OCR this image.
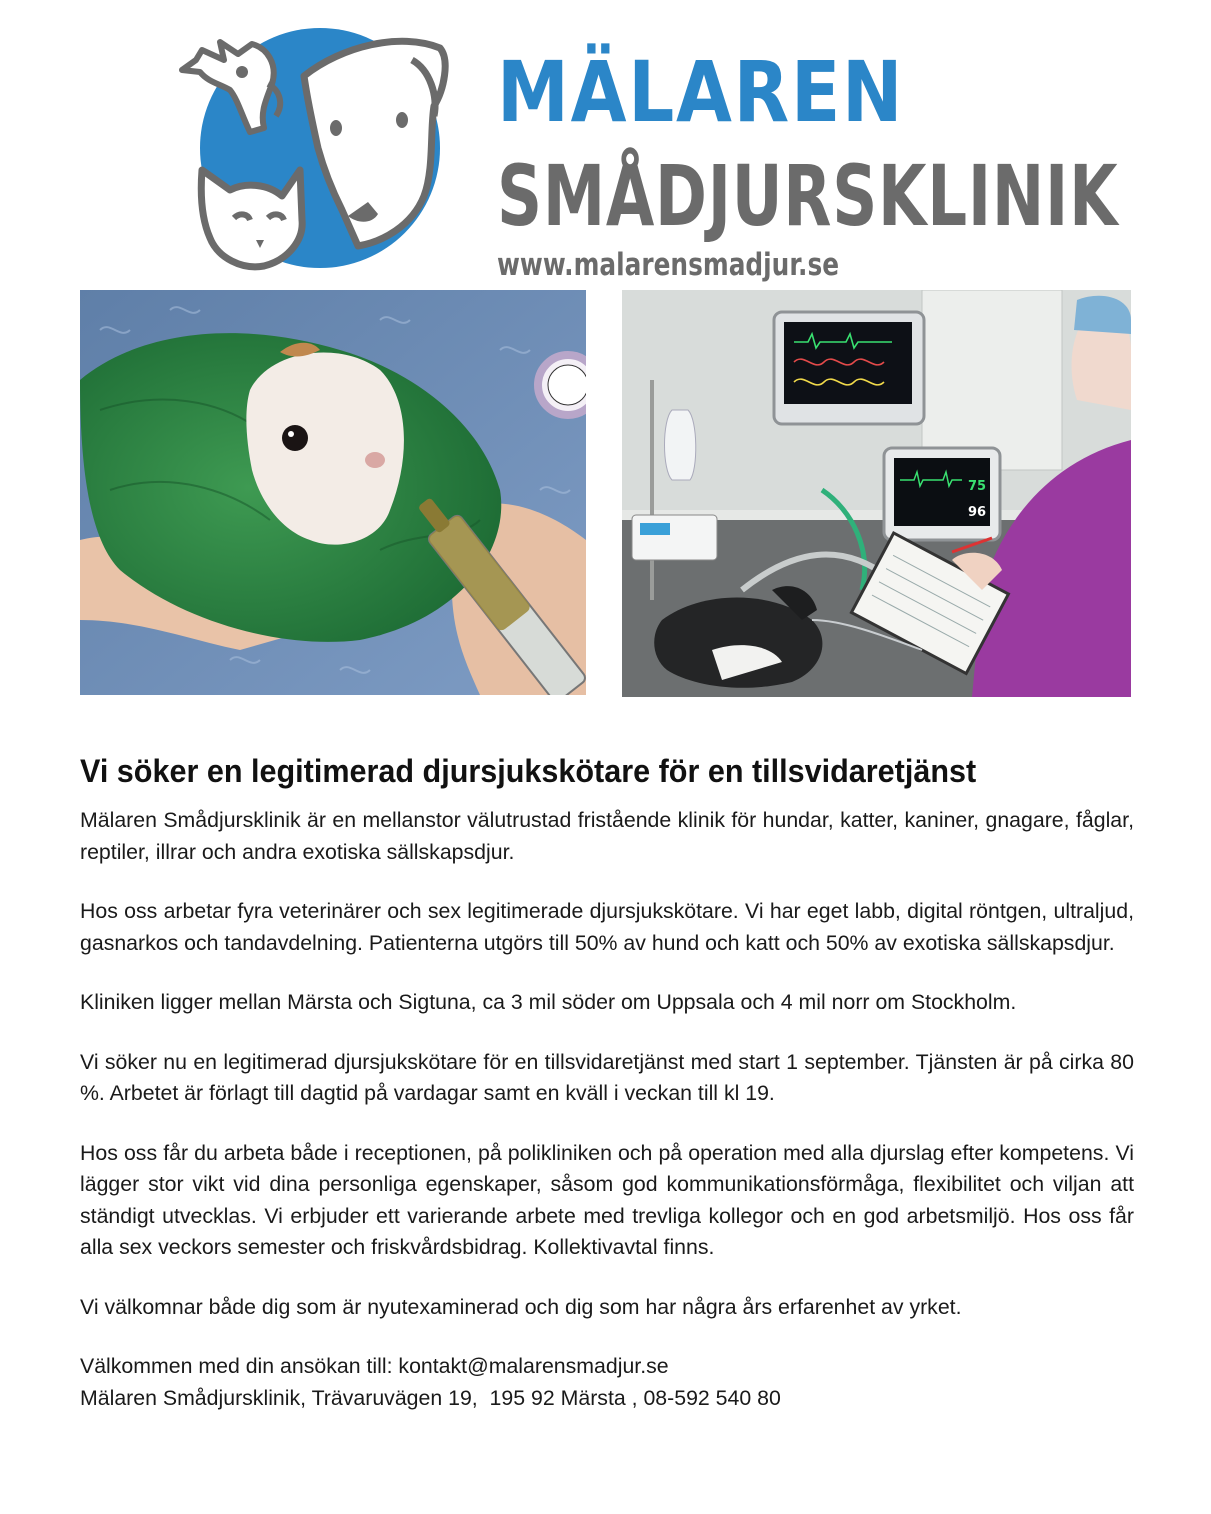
MÄLAREN
SMÅDJURSKLINIK
www.malarensmadjur.se
75
96
Vi söker en legitimerad djursjukskötare för en tillsvidaretjänst

Mälaren Smådjursklinik är en mellanstor välutrustad fristående klinik för hundar, katter, kaniner, gnagare, fåglar, reptiler, illrar och andra exotiska sällskapsdjur.

Hos oss arbetar fyra veterinärer och sex legitimerade djursjukskötare. Vi har eget labb, digital röntgen, ultraljud, gasnarkos och tandavdelning. Patienterna utgörs till 50% av hund och katt och 50% av exotiska sällskapsdjur.

Kliniken ligger mellan Märsta och Sigtuna, ca 3 mil söder om Uppsala och 4 mil norr om Stockholm.

Vi söker nu en legitimerad djursjukskötare för en tillsvidaretjänst med start 1 september. Tjänsten är på cirka 80 %. Arbetet är förlagt till dagtid på vardagar samt en kväll i veckan till kl 19.

Hos oss får du arbeta både i receptionen, på polikliniken och på operation med alla djurslag efter kompetens. Vi lägger stor vikt vid dina personliga egenskaper, såsom god kommunikationsförmåga, flexibilitet och viljan att ständigt utvecklas. Vi erbjuder ett varierande arbete med trevliga kollegor och en god arbetsmiljö. Hos oss får alla sex veckors semester och friskvårdsbidrag. Kollektivavtal finns.

Vi välkomnar både dig som är nyutexaminerad och dig som har några års erfarenhet av yrket.

Välkommen med din ansökan till: kontakt@malarensmadjur.se
Mälaren Smådjursklinik, Trävaruvägen 19,  195 92 Märsta , 08-592 540 80
